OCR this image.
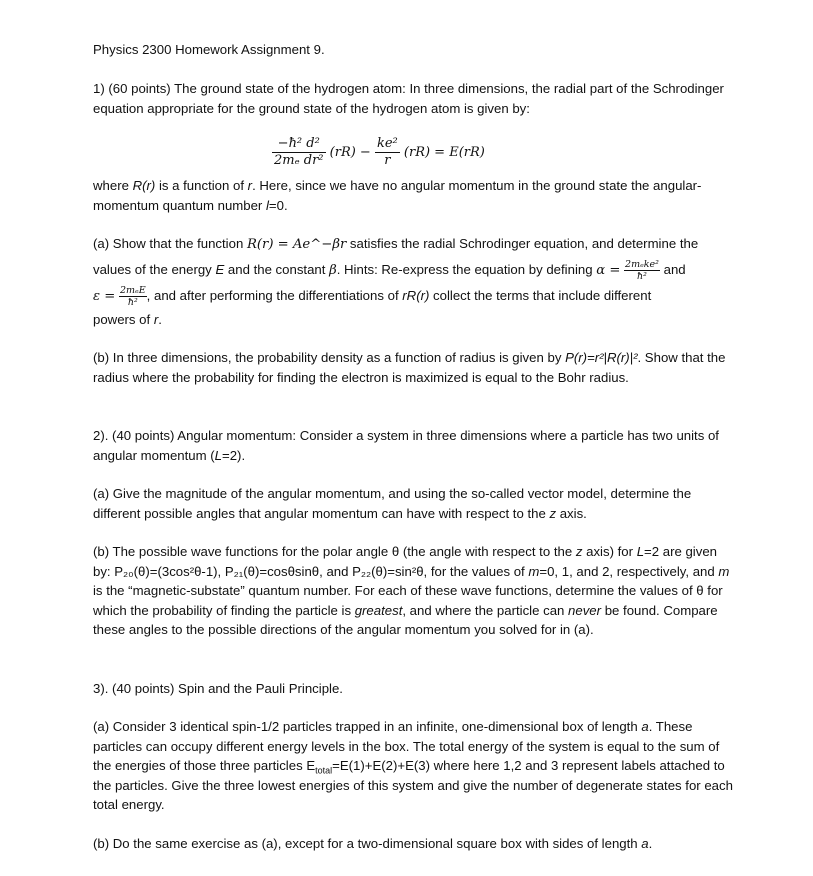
Physics 2300 Homework Assignment 9.

1) (60 points) The ground state of the hydrogen atom: In three dimensions, the radial part of the Schrodinger equation appropriate for the ground state of the hydrogen atom is given by:

$\frac{\text{−ħ² d²}}{\text{2mₑ dr²}} (rR) - \frac{\text{ke²}}{r} (rR) = E(rR)$

where R(r) is a function of r. Here, since we have no angular momentum in the ground state the angular-momentum quantum number l=0.

(a) Show that the function R(r) = Ae^−βr satisfies the radial Schrodinger equation, and determine the

values of the energy E and the constant β. Hints: Re-express the equation by defining $\alpha = \frac{\text{2mₑke²}}{\text{ħ²}}$ and

$\varepsilon = \frac{\text{2mₑE}}{\text{ħ²}}$ , and after performing the differentiations of rR(r) collect the terms that include different

powers of r.

(b) In three dimensions, the probability density as a function of radius is given by P(r)=r²|R(r)|². Show that the radius where the probability for finding the electron is maximized is equal to the Bohr radius.

2). (40 points) Angular momentum: Consider a system in three dimensions where a particle has two units of angular momentum (L=2).

(a) Give the magnitude of the angular momentum, and using the so-called vector model, determine the different possible angles that angular momentum can have with respect to the z axis.

(b) The possible wave functions for the polar angle θ (the angle with respect to the z axis) for L=2 are given by: P₂₀(θ)=(3cos²θ-1), P₂₁(θ)=cosθsinθ, and P₂₂(θ)=sin²θ, for the values of m=0, 1, and 2, respectively, and m is the “magnetic-substate” quantum number. For each of these wave functions, determine the values of θ for which the probability of finding the particle is greatest, and where the particle can never be found. Compare these angles to the possible directions of the angular momentum you solved for in (a).

3). (40 points) Spin and the Pauli Principle.

(a) Consider 3 identical spin-1/2 particles trapped in an infinite, one-dimensional box of length a. These particles can occupy different energy levels in the box. The total energy of the system is equal to the sum of the energies of those three particles $E_{total}=E(1)+E(2)+E(3)$ where here 1,2 and 3 represent labels attached to the particles. Give the three lowest energies of this system and give the number of degenerate states for each total energy.

(b) Do the same exercise as (a), except for a two-dimensional square box with sides of length a.
